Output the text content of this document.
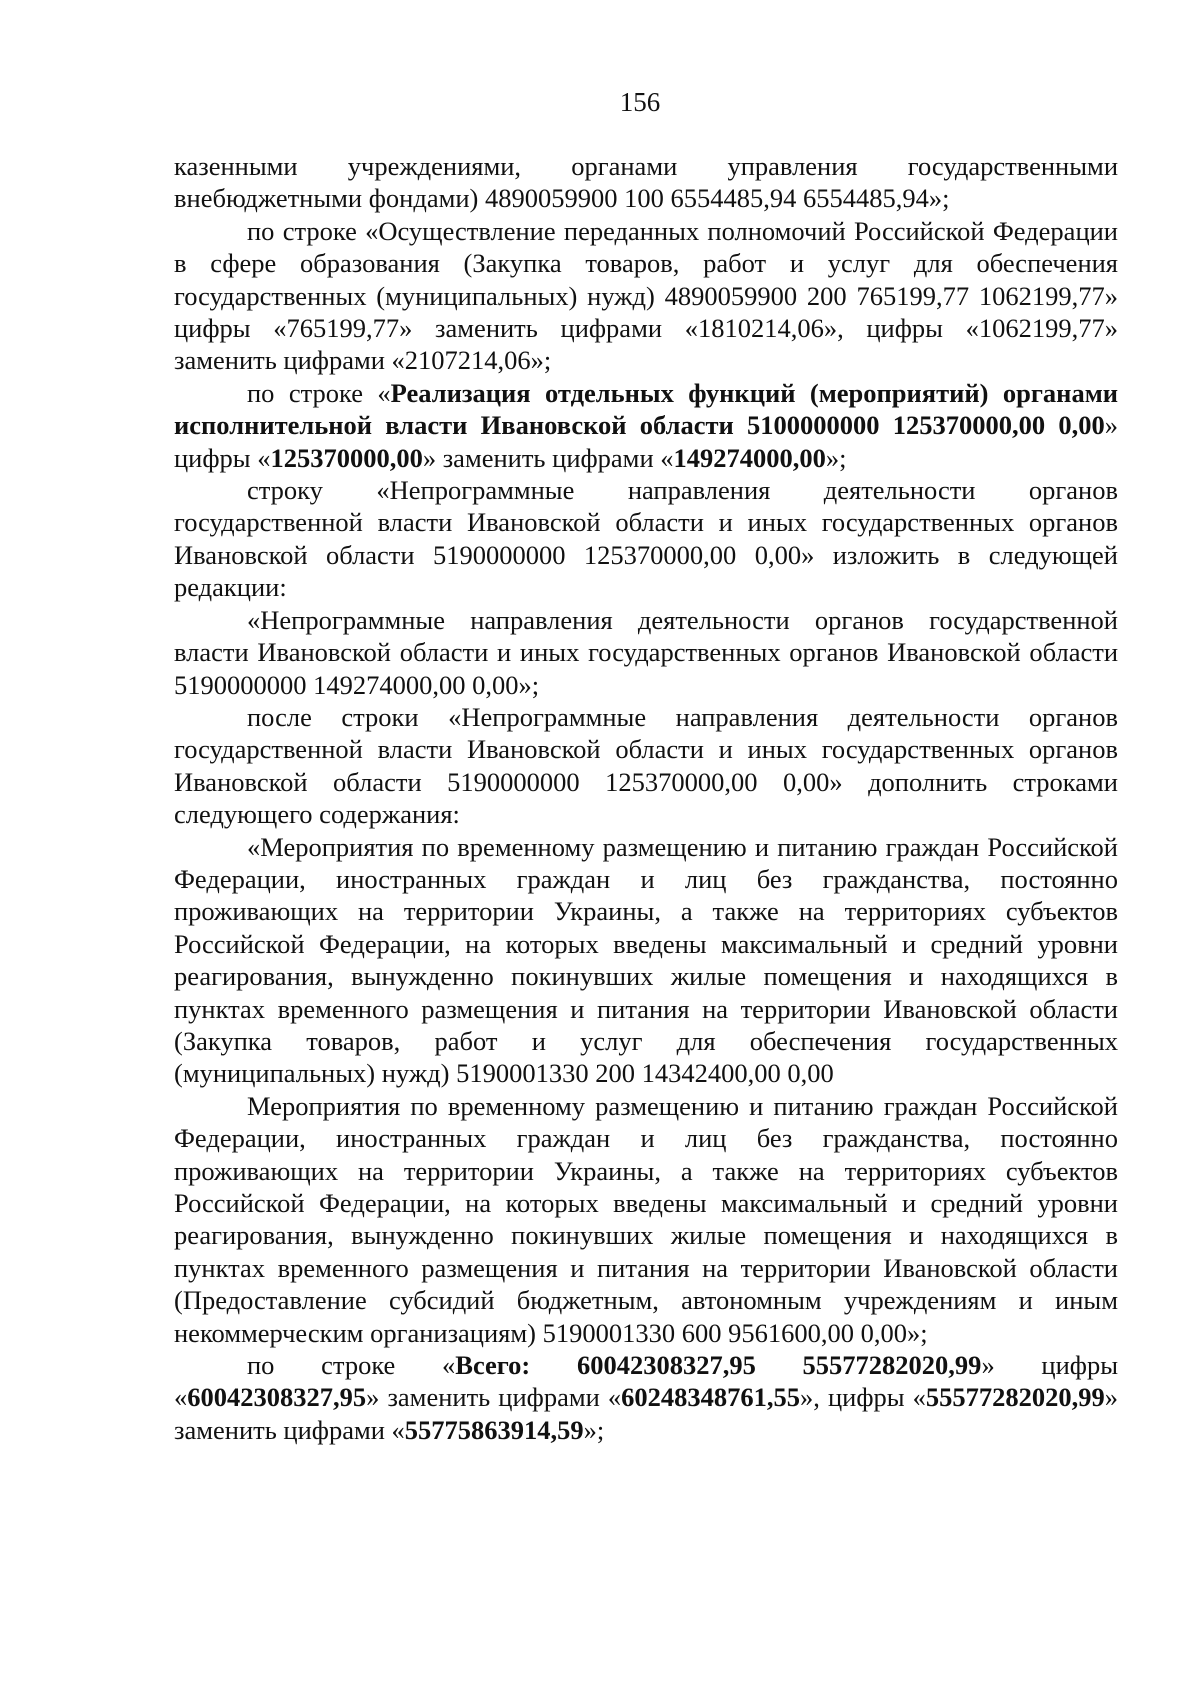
156

казенными учреждениями, органами управления государственными внебюджетными фондами) 4890059900 100 6554485,94 6554485,94»;

по строке «Осуществление переданных полномочий Российской Федерации в сфере образования (Закупка товаров, работ и услуг для обеспечения государственных (муниципальных) нужд) 4890059900 200 765199,77 1062199,77» цифры «765199,77» заменить цифрами «1810214,06», цифры «1062199,77» заменить цифрами «2107214,06»;

по строке «Реализация отдельных функций (мероприятий) органами исполнительной власти Ивановской области 5100000000 125370000,00 0,00» цифры «125370000,00» заменить цифрами «149274000,00»;

строку «Непрограммные направления деятельности органов государственной власти Ивановской области и иных государственных органов Ивановской области 5190000000 125370000,00 0,00» изложить в следующей редакции:

«Непрограммные направления деятельности органов государственной власти Ивановской области и иных государственных органов Ивановской области 5190000000 149274000,00 0,00»;

после строки «Непрограммные направления деятельности органов государственной власти Ивановской области и иных государственных органов Ивановской области 5190000000 125370000,00 0,00» дополнить строками следующего содержания:

«Мероприятия по временному размещению и питанию граждан Российской Федерации, иностранных граждан и лиц без гражданства, постоянно проживающих на территории Украины, а также на территориях субъектов Российской Федерации, на которых введены максимальный и средний уровни реагирования, вынужденно покинувших жилые помещения и находящихся в пунктах временного размещения и питания на территории Ивановской области (Закупка товаров, работ и услуг для обеспечения государственных (муниципальных) нужд) 5190001330 200 14342400,00 0,00

Мероприятия по временному размещению и питанию граждан Российской Федерации, иностранных граждан и лиц без гражданства, постоянно проживающих на территории Украины, а также на территориях субъектов Российской Федерации, на которых введены максимальный и средний уровни реагирования, вынужденно покинувших жилые помещения и находящихся в пунктах временного размещения и питания на территории Ивановской области (Предоставление субсидий бюджетным, автономным учреждениям и иным некоммерческим организациям) 5190001330 600 9561600,00 0,00»;

по строке «Всего: 60042308327,95 55577282020,99» цифры «60042308327,95» заменить цифрами «60248348761,55», цифры «55577282020,99» заменить цифрами «55775863914,59»;
